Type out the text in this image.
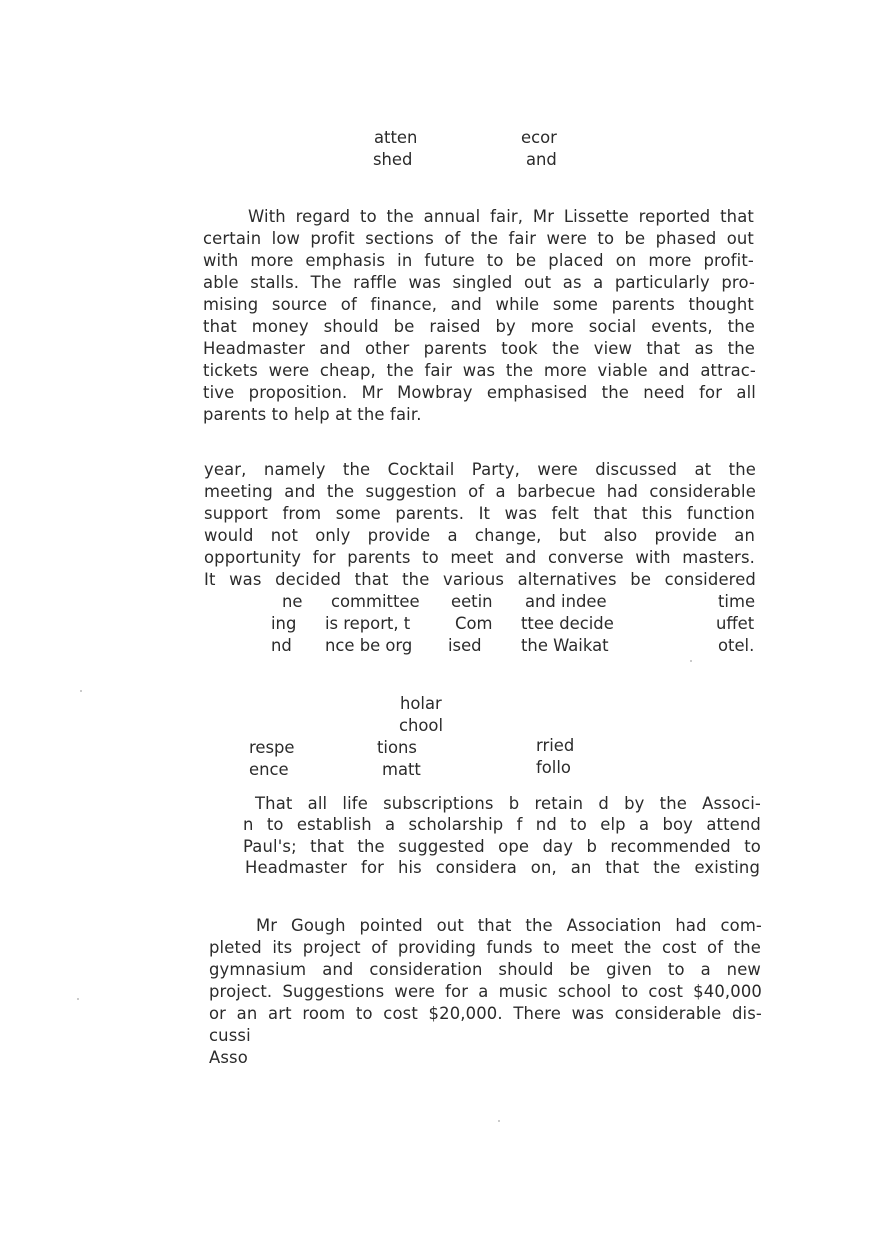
atten	ecor
shed	and
With regard to the annual fair, Mr Lissette reported that
certain low profit sections of the fair were to be phased out
with more emphasis in future to be placed on more profit-
able stalls. The raffle was singled out as a particularly pro-
mising source of finance, and while some parents thought
that money should be raised by more social events, the
Headmaster and other parents took the view that as the
tickets were cheap, the fair was the more viable and attrac-
tive proposition. Mr Mowbray emphasised the need for all
parents to help at the fair.
year, namely the Cocktail Party, were discussed at the
meeting and the suggestion of a barbecue had considerable
support from some parents. It was felt that this function
would not only provide a change, but also provide an
opportunity for parents to meet and converse with masters.
It was decided that the various alternatives be considered
ne committee eetin and indee	time
ing is report, t	Com ttee decide	uffet
nd nce be org ised the Waikat	otel.
holar
chool
respe	tions	rried
ence	matt	follo
That all life subscriptions b retain d by the Associ-
n to establish a scholarship f nd to elp a boy attend
Paul's; that the suggested ope day b recommended to
Headmaster for his considera on, an that the existing
Mr Gough pointed out that the Association had com-
pleted its project of providing funds to meet the cost of the
gymnasium and consideration should be given to a new
project. Suggestions were for a music school to cost $40,000
or an art room to cost $20,000. There was considerable dis-
cussi
Asso
